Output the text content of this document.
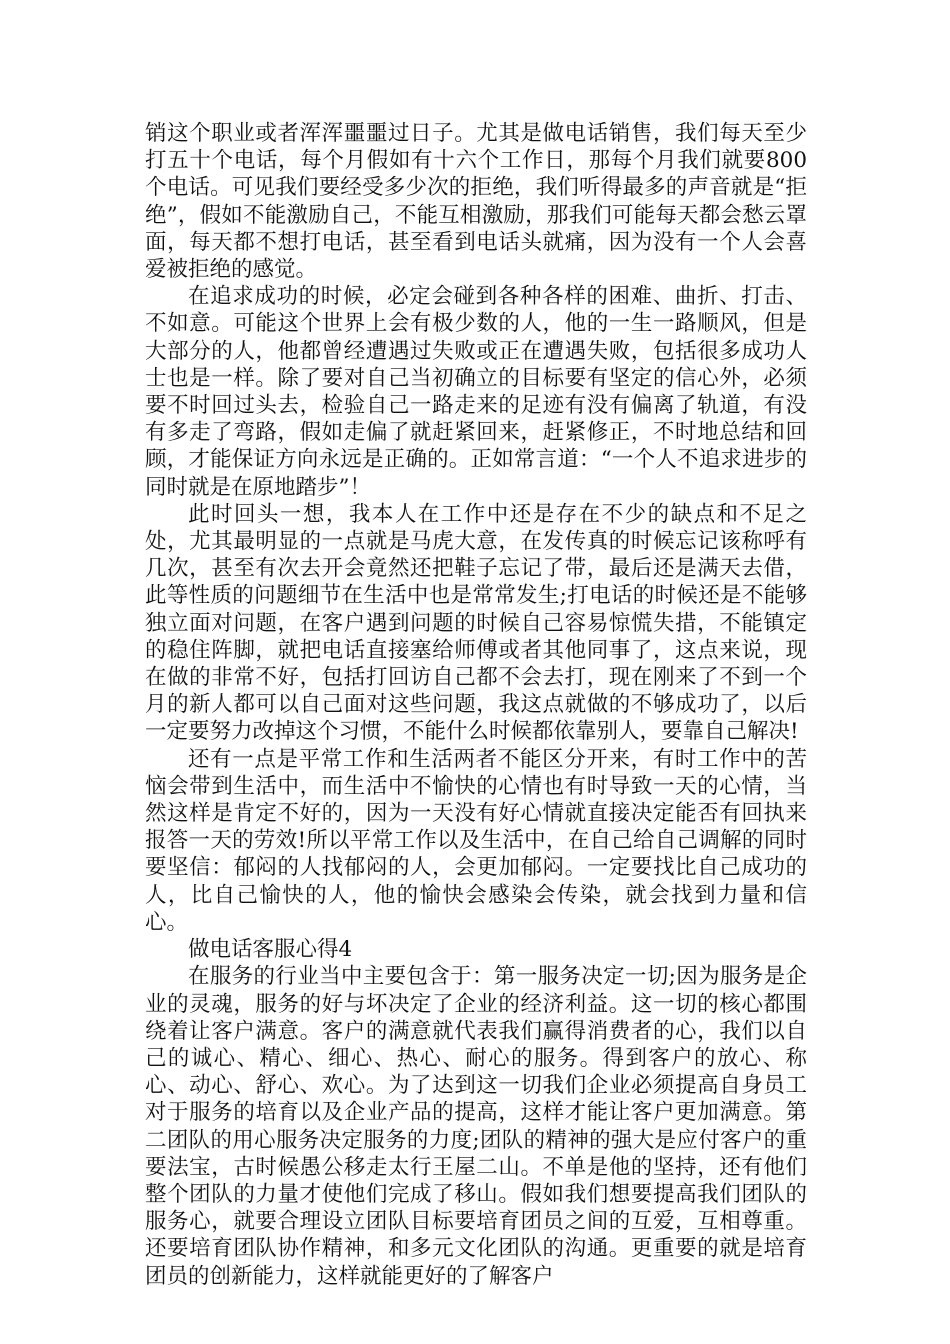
销这个职业或者浑浑噩噩过日子。尤其是做电话销售，我们每天至少打五十个电话，每个月假如有十六个工作日，那每个月我们就要800个电话。可见我们要经受多少次的拒绝，我们听得最多的声音就是“拒绝”，假如不能激励自己，不能互相激励，那我们可能每天都会愁云罩面，每天都不想打电话，甚至看到电话头就痛，因为没有一个人会喜爱被拒绝的感觉。

在追求成功的时候，必定会碰到各种各样的困难、曲折、打击、不如意。可能这个世界上会有极少数的人，他的一生一路顺风，但是大部分的人，他都曾经遭遇过失败或正在遭遇失败，包括很多成功人士也是一样。除了要对自己当初确立的目标要有坚定的信心外，必须要不时回过头去，检验自己一路走来的足迹有没有偏离了轨道，有没有多走了弯路，假如走偏了就赶紧回来，赶紧修正，不时地总结和回顾，才能保证方向永远是正确的。正如常言道：“一个人不追求进步的同时就是在原地踏步”！

此时回头一想，我本人在工作中还是存在不少的缺点和不足之处，尤其最明显的一点就是马虎大意，在发传真的时候忘记该称呼有几次，甚至有次去开会竟然还把鞋子忘记了带，最后还是满天去借，此等性质的问题细节在生活中也是常常发生;打电话的时候还是不能够独立面对问题，在客户遇到问题的时候自己容易惊慌失措，不能镇定的稳住阵脚，就把电话直接塞给师傅或者其他同事了，这点来说，现在做的非常不好，包括打回访自己都不会去打，现在刚来了不到一个月的新人都可以自己面对这些问题，我这点就做的不够成功了，以后一定要努力改掉这个习惯，不能什么时候都依靠别人，要靠自己解决!

还有一点是平常工作和生活两者不能区分开来，有时工作中的苦恼会带到生活中，而生活中不愉快的心情也有时导致一天的心情，当然这样是肯定不好的，因为一天没有好心情就直接决定能否有回执来报答一天的劳效!所以平常工作以及生活中，在自己给自己调解的同时要坚信：郁闷的人找郁闷的人，会更加郁闷。一定要找比自己成功的人，比自己愉快的人，他的愉快会感染会传染，就会找到力量和信心。

做电话客服心得4

在服务的行业当中主要包含于：第一服务决定一切;因为服务是企业的灵魂，服务的好与坏决定了企业的经济利益。这一切的核心都围绕着让客户满意。客户的满意就代表我们赢得消费者的心，我们以自己的诚心、精心、细心、热心、耐心的服务。得到客户的放心、称心、动心、舒心、欢心。为了达到这一切我们企业必须提高自身员工对于服务的培育以及企业产品的提高，这样才能让客户更加满意。第二团队的用心服务决定服务的力度;团队的精神的强大是应付客户的重要法宝，古时候愚公移走太行王屋二山。不单是他的坚持，还有他们整个团队的力量才使他们完成了移山。假如我们想要提高我们团队的服务心，就要合理设立团队目标要培育团员之间的互爱，互相尊重。还要培育团队协作精神，和多元文化团队的沟通。更重要的就是培育团员的创新能力，这样就能更好的了解客户
